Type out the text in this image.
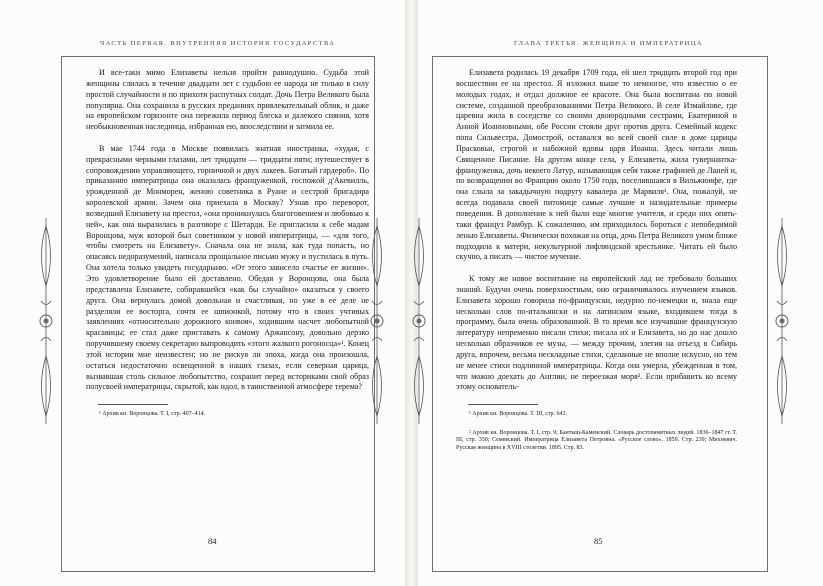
ЧАСТЬ ПЕРВАЯ. ВНУТРЕННЯЯ ИСТОРИЯ ГОСУДАРСТВА

И все-таки мимо Елизаветы нельзя пройти равнодушно. Судьба этой женщины слилась в течение двадцати лет с судьбою ее народа не только в силу простой случайности и по прихоти распутных солдат. Дочь Петра Великого была популярна. Она сохранила в русских преданиях привлекательный облик, и даже на европейском горизонте она пережила период блеска и далекого сияния, хотя необыкновенная наследница, избранная ею, впоследствии и затмила ее.

В мае 1744 года в Москве появилась знатная иностранка, «худая, с прекрасными черными глазами, лет тридцати — тридцати пяти; путешествует в сопровождении управляющего, горничной и двух лакеев. Богатый гардероб». По приказанию императрицы она оказалась француженкой, госпожой д'Акевилль, урожденной де Монморен, женою советника в Руане и сестрой бригадира королевской армии. Зачем она приехала в Москву? Узнав про переворот, возведший Елизавету на престол, «она проникнулась благоговением и любовью к ней», как она выразилась в разговоре с Шетарди. Ее пригласила к себе мадам Воронцова, муж которой был советником у новой императрицы, — «для того, чтобы смотреть на Елизавету». Сначала она не знала, как туда попасть, но опасаясь недоразумений, написала прощальное письмо мужу и пустилась в путь. Она хотела только увидеть государыню. «От этого зависело счастье ее жизни». Это удовлетворение было ей доставлено. Обедая у Воронцова, она была представлена Елизавете, собиравшейся «как бы случайно» оказаться у своего друга. Она вернулась домой довольная и счастливая, но уже в ее деле не разделяли ее восторга, сочтя ее шпионкой, потому что в своих учтивых заявлениях «относительно дорожного конвоя», ходившим насчет любопытной красавицы; ее стал даже приставать к самому Аржансону, довольно дерзко поручившему своему секретарю выпроводить «этого жалкого рогоносца»¹. Конец этой истории мне неизвестен; но не рискуя ли эпоха, когда она произошла, остаться недостаточно освещенной в наших глазах, если северная царица, вызвавшая столь сильное любопытство, сохранит перед историками свой образ полусвоей императрицы, скрытой, как идол, в таинственной атмосфере терема?

¹ Архив кн. Воронцова. Т. I, стр. 407–414.

84
ГЛАВА ТРЕТЬЯ. ЖЕНЩИНА И ИМПЕРАТРИЦА

Елизавета родилась 19 декабря 1709 года, ей шел тридцать второй год при восшествии ее на престол. Я изложил выше то немногое, что известно о ее молодых годах, и отдал должное ее красоте. Она была воспитана по новой системе, созданной преобразованиями Петра Великого. В селе Измайлове, где царевна жила в соседстве со своими двоюродными сестрами, Екатериной и Анной Иоанновными, обе России стояли друг против друга. Семейный кодекс попа Сильвестра, Домострой, оставался во всей своей силе в доме царицы Прасковьи, строгой и набожной вдовы царя Иоанна. Здесь читали лишь Священное Писание. На другом конце села, у Елизаветы, жила гувернантка-француженка, дочь некоего Латур, называющая себя также графиней де Ланей и, по возвращении во Францию около 1750 года, поселившаяся в Вильжюифе, где она слыла за закадычную подругу кавалера де Марвиля¹. Она, пожалуй, не всегда подавала своей питомице самые лучшие и назидательные примеры поведения. В дополнение к ней были еще многие учителя, и среди них опять-таки француз Рамбур. К сожалению, им приходилось бороться с непобедимой ленью Елизаветы. Физически похожая на отца, дочь Петра Великого умом ближе подходила к матери, некультурной лифляндской крестьянке. Читать ей было скучно, а писать — чистое мучение.

К тому же новое воспитание на европейский лад не требовало больших знаний. Будучи очень поверхностным, оно ограничивалось изучением языков. Елизавета хорошо говорила по-французски, недурно по-немецки и, знала еще несколько слов по-итальянски и на латинском языке, входившем тогда в программу, была очень образованной. В то время все изучавшие французскую литературу непременно писали стихи; писала их и Елизавета, но до нас дошло несколько образчиков ее музы, — между прочим, элегия на отъезд в Сибирь друга, впрочем, весьма нескладные стихи, сделанные не вполне искусно, но тем не менее стихи подлинной императрицы. Когда она умерла, убежденная в том, что можно доехать до Англии, не переезжая моря². Если прибавить ко всему этому основатель-

¹ Архив кн. Воронцова. Т. III, стр. 643.

² Архив кн. Воронцова. Т. I, стр. 9; Бантыш-Каменский. Словарь достопамятных людей. 1836–1847 гг. Т. III, стр. 350; Семевский. Императрица Елизавета Петровна. «Русское слово». 1859. Стр. 239; Михневич. Русская женщина в XVIII столетии. 1895. Стр. 83.

85
